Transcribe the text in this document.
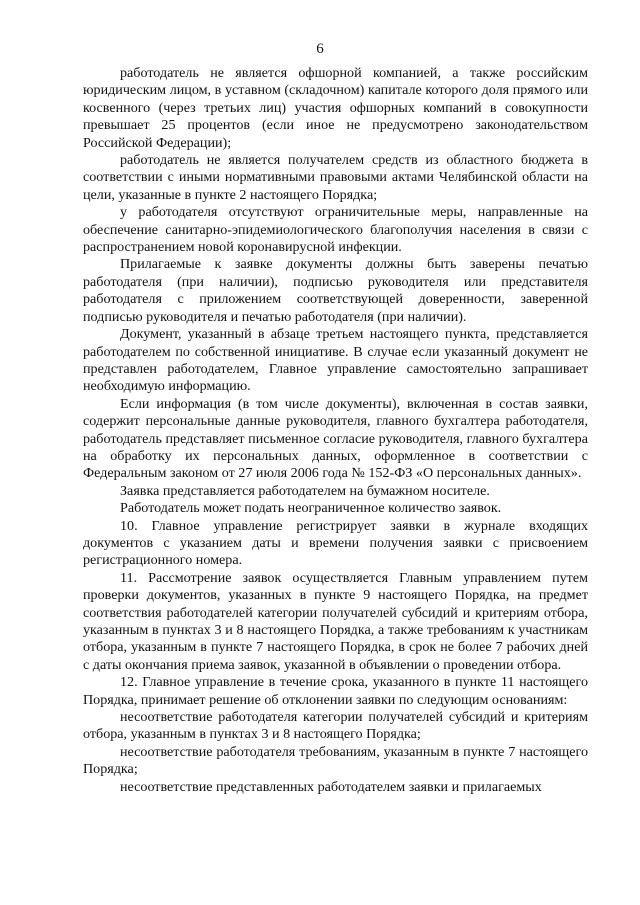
6

работодатель не является офшорной компанией, а также российским юридическим лицом, в уставном (складочном) капитале которого доля прямого или косвенного (через третьих лиц) участия офшорных компаний в совокупности превышает 25 процентов (если иное не предусмотрено законодательством Российской Федерации);

работодатель не является получателем средств из областного бюджета в соответствии с иными нормативными правовыми актами Челябинской области на цели, указанные в пункте 2 настоящего Порядка;

у работодателя отсутствуют ограничительные меры, направленные на обеспечение санитарно-эпидемиологического благополучия населения в связи с распространением новой коронавирусной инфекции.

Прилагаемые к заявке документы должны быть заверены печатью работодателя (при наличии), подписью руководителя или представителя работодателя с приложением соответствующей доверенности, заверенной подписью руководителя и печатью работодателя (при наличии).

Документ, указанный в абзаце третьем настоящего пункта, представляется работодателем по собственной инициативе. В случае если указанный документ не представлен работодателем, Главное управление самостоятельно запрашивает необходимую информацию.

Если информация (в том числе документы), включенная в состав заявки, содержит персональные данные руководителя, главного бухгалтера работодателя, работодатель представляет письменное согласие руководителя, главного бухгалтера на обработку их персональных данных, оформленное в соответствии с Федеральным законом от 27 июля 2006 года № 152-ФЗ «О персональных данных».

Заявка представляется работодателем на бумажном носителе.

Работодатель может подать неограниченное количество заявок.

10. Главное управление регистрирует заявки в журнале входящих документов с указанием даты и времени получения заявки с присвоением регистрационного номера.

11. Рассмотрение заявок осуществляется Главным управлением путем проверки документов, указанных в пункте 9 настоящего Порядка, на предмет соответствия работодателей категории получателей субсидий и критериям отбора, указанным в пунктах 3 и 8 настоящего Порядка, а также требованиям к участникам отбора, указанным в пункте 7 настоящего Порядка, в срок не более 7 рабочих дней с даты окончания приема заявок, указанной в объявлении о проведении отбора.

12. Главное управление в течение срока, указанного в пункте 11 настоящего Порядка, принимает решение об отклонении заявки по следующим основаниям:

несоответствие работодателя категории получателей субсидий и критериям отбора, указанным в пунктах 3 и 8 настоящего Порядка;

несоответствие работодателя требованиям, указанным в пункте 7 настоящего Порядка;

несоответствие представленных работодателем заявки и прилагаемых
